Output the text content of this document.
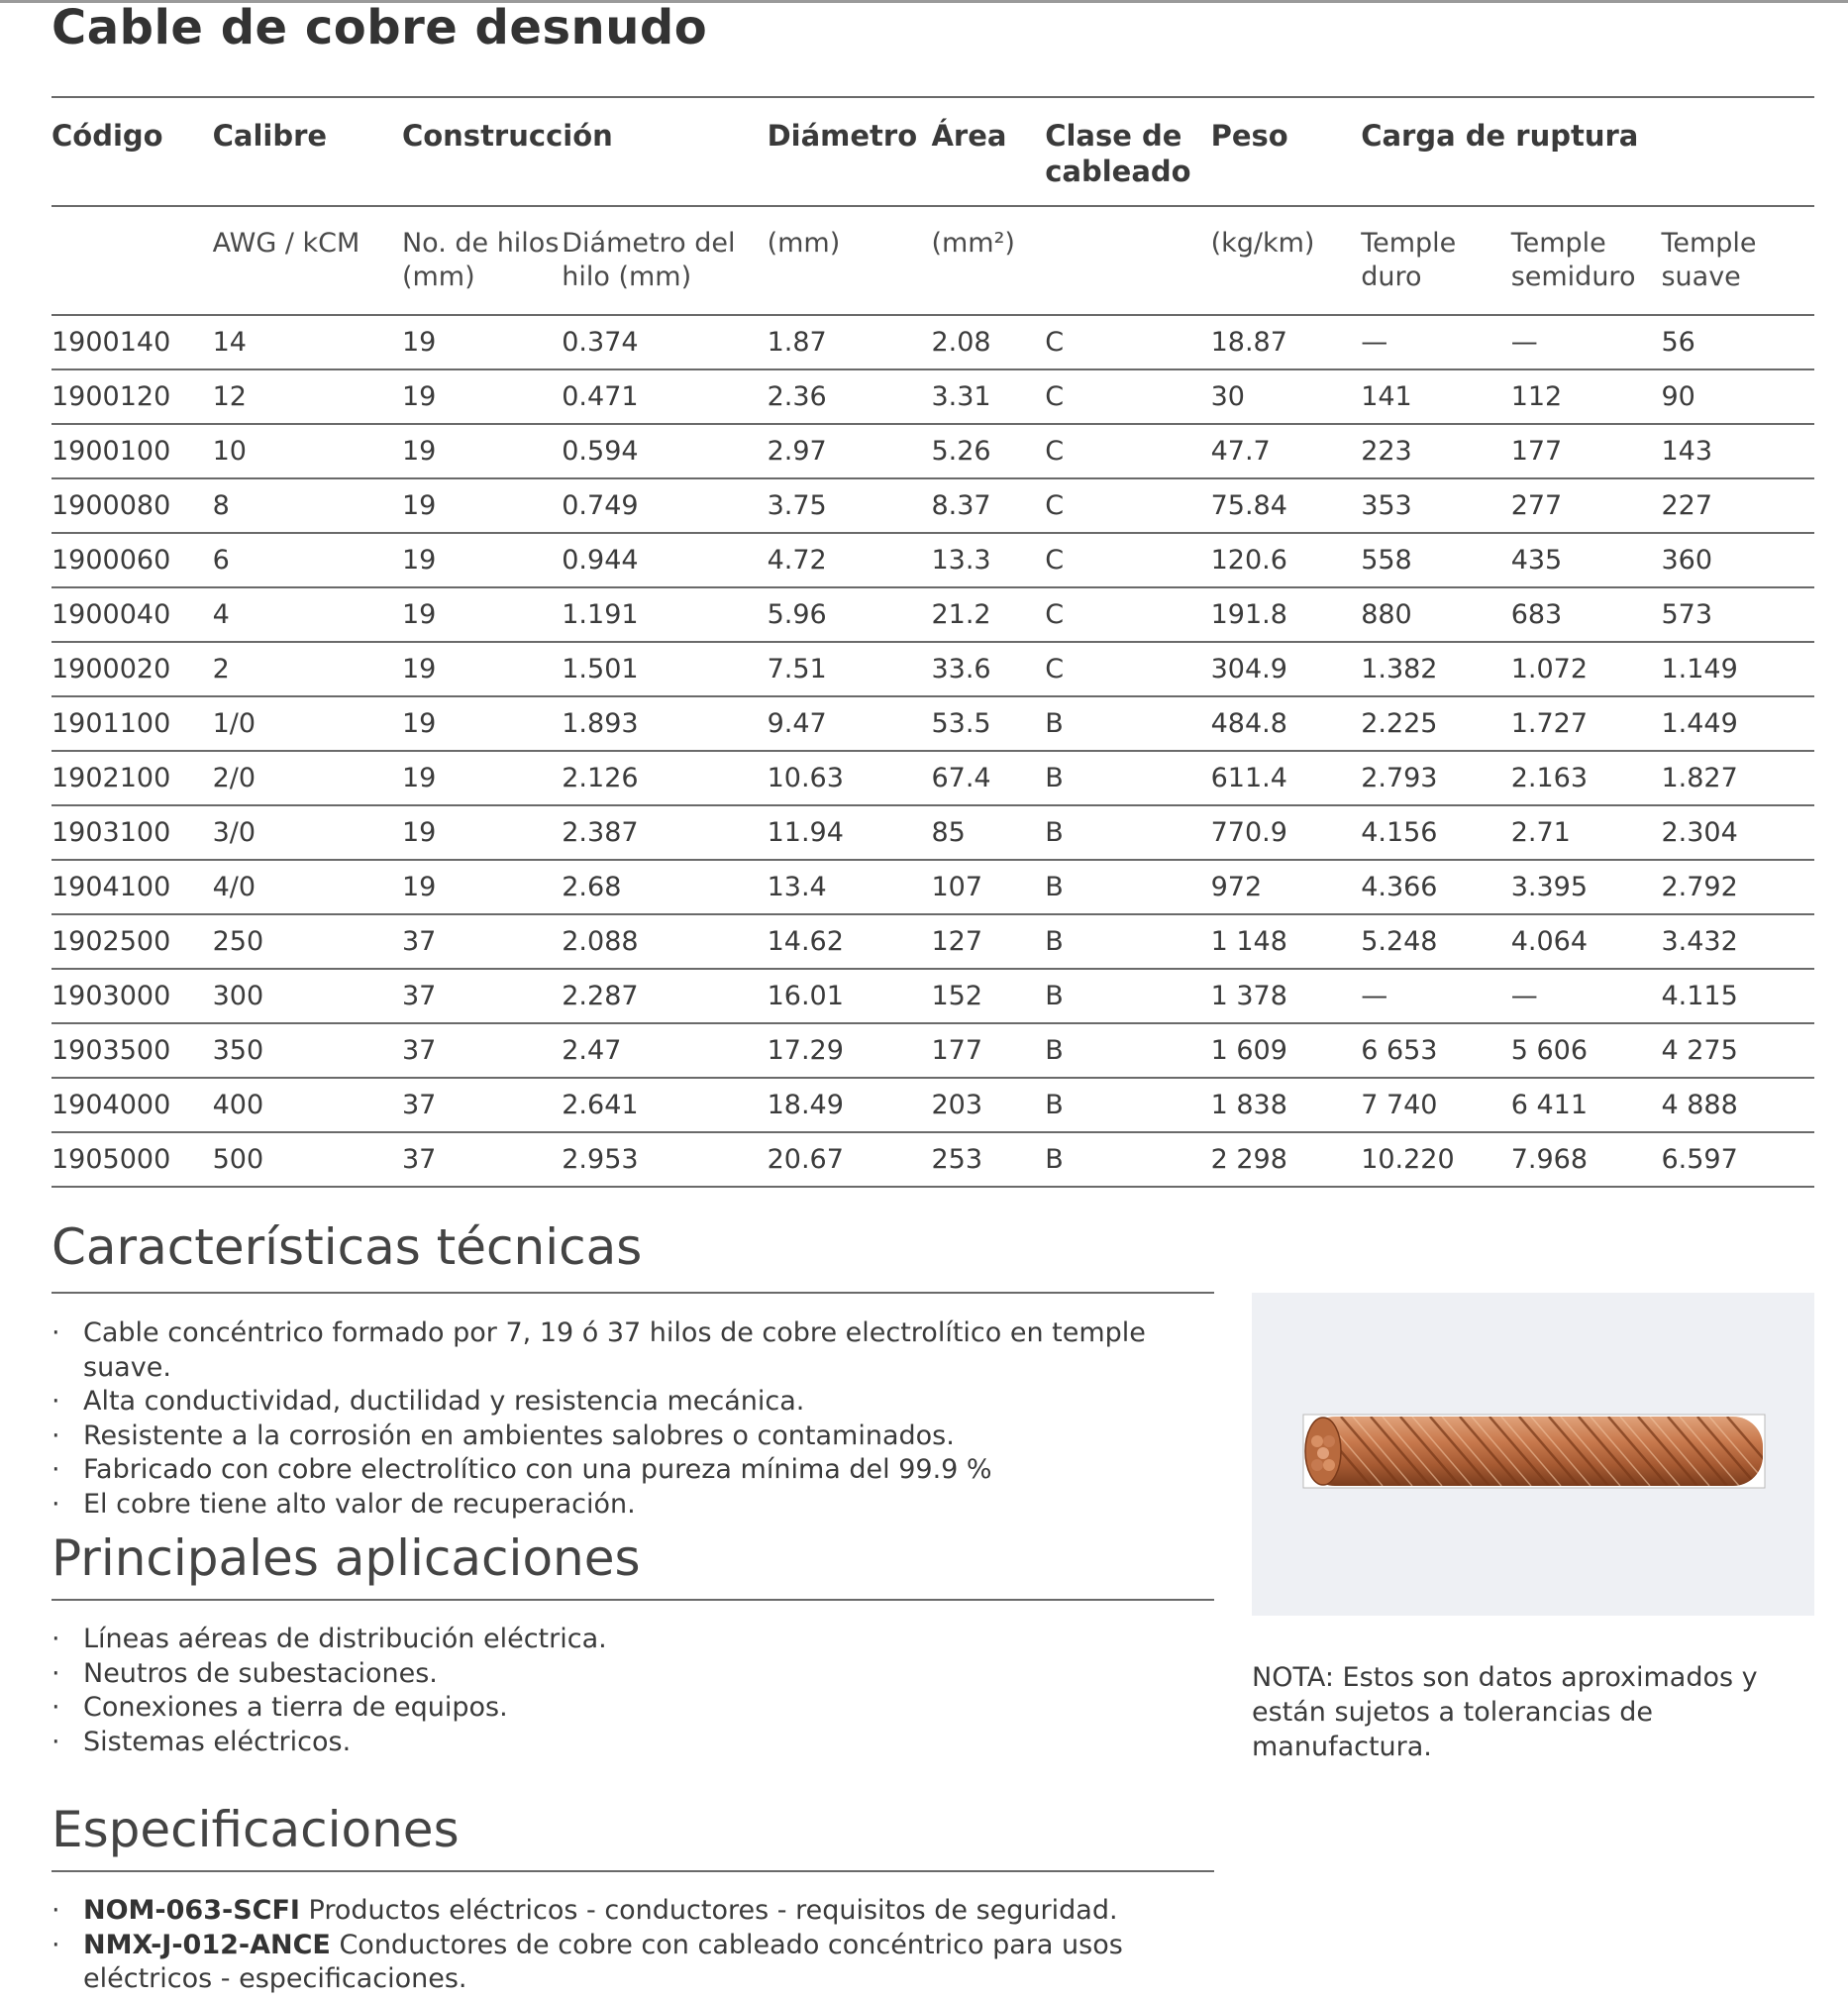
Cable de cobre desnudo
Código	Calibre	Construcción		Diámetro	Área	Clase de cableado	Peso	Carga de ruptura		
	AWG / kCM	No. de hilos (mm)	Diámetro del hilo (mm)	(mm)	(mm²)		(kg/km)	Temple duro	Temple semiduro	Temple suave
1900140	14	19	0.374	1.87	2.08	C	18.87	—	—	56
1900120	12	19	0.471	2.36	3.31	C	30	141	112	90
1900100	10	19	0.594	2.97	5.26	C	47.7	223	177	143
1900080	8	19	0.749	3.75	8.37	C	75.84	353	277	227
1900060	6	19	0.944	4.72	13.3	C	120.6	558	435	360
1900040	4	19	1.191	5.96	21.2	C	191.8	880	683	573
1900020	2	19	1.501	7.51	33.6	C	304.9	1.382	1.072	1.149
1901100	1/0	19	1.893	9.47	53.5	B	484.8	2.225	1.727	1.449
1902100	2/0	19	2.126	10.63	67.4	B	611.4	2.793	2.163	1.827
1903100	3/0	19	2.387	11.94	85	B	770.9	4.156	2.71	2.304
1904100	4/0	19	2.68	13.4	107	B	972	4.366	3.395	2.792
1902500	250	37	2.088	14.62	127	B	1 148	5.248	4.064	3.432
1903000	300	37	2.287	16.01	152	B	1 378	—	—	4.115
1903500	350	37	2.47	17.29	177	B	1 609	6 653	5 606	4 275
1904000	400	37	2.641	18.49	203	B	1 838	7 740	6 411	4 888
1905000	500	37	2.953	20.67	253	B	2 298	10.220	7.968	6.597
Características técnicas
· Cable concéntrico formado por 7, 19 ó 37 hilos de cobre electrolítico en temple suave.
· Alta conductividad, ductilidad y resistencia mecánica.
· Resistente a la corrosión en ambientes salobres o contaminados.
· Fabricado con cobre electrolítico con una pureza mínima del 99.9 %
· El cobre tiene alto valor de recuperación.
Principales aplicaciones
· Líneas aéreas de distribución eléctrica.
· Neutros de subestaciones.
· Conexiones a tierra de equipos.
· Sistemas eléctricos.
Especificaciones
· NOM-063-SCFI Productos eléctricos - conductores - requisitos de seguridad.
· NMX-J-012-ANCE Conductores de cobre con cableado concéntrico para usos eléctricos - especificaciones.

NOTA: Estos son datos aproximados y están sujetos a tolerancias de manufactura.
